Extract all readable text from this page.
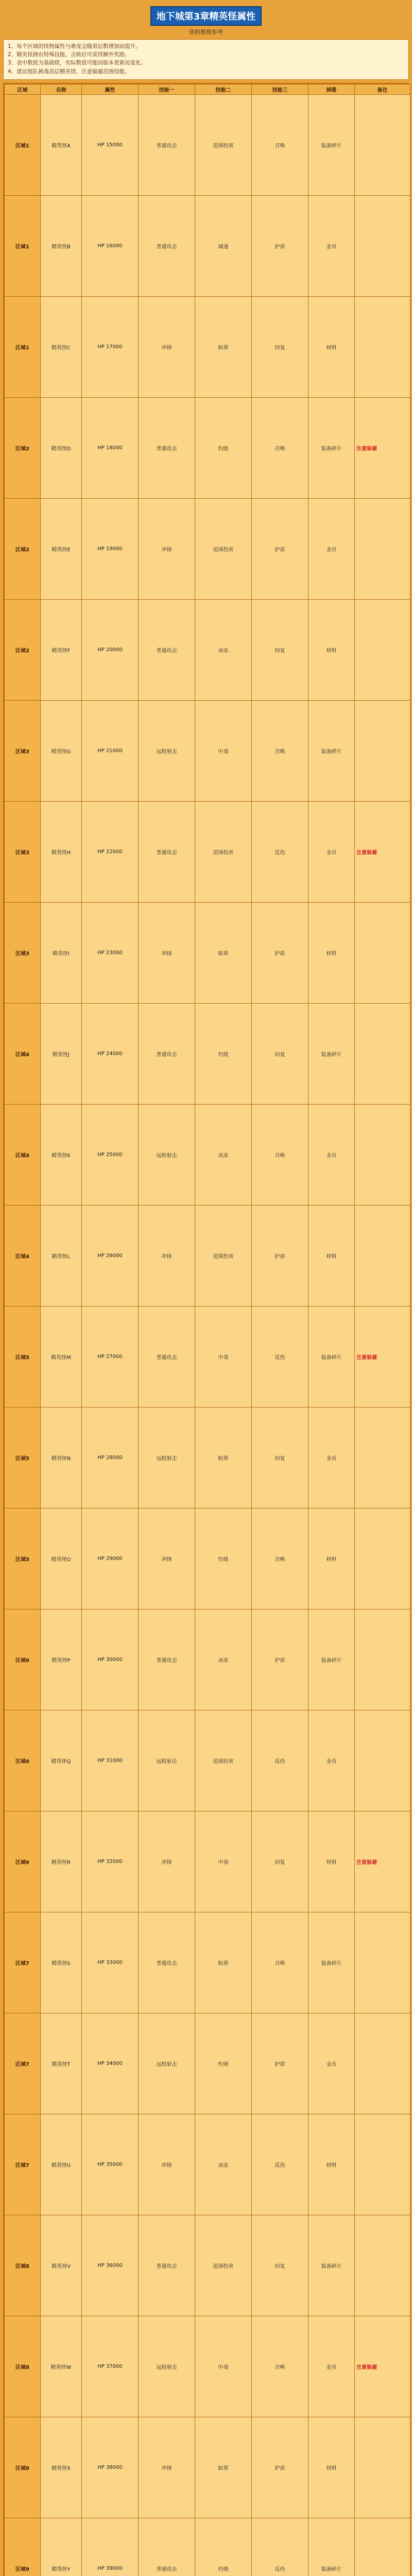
地下城第3章精英怪属性
资料整理参考

1、每个区域的怪物属性与难度会随着层数增加而提升。

2、精英怪拥有特殊技能，击败后可获得额外奖励。

3、表中数值为基础值，实际数值可能因版本更新而变化。

4、建议组队挑战高层精英怪，注意躲避范围技能。

区域	名称	属性	技能一	技能二	技能三	掉落	备注
区域1	精英怪A	HP 15000	普通攻击	范围伤害	召唤	装备碎片	
区域1	精英怪B	HP 16000	普通攻击	减速	护盾	金币	
区域1	精英怪C	HP 17000	冲锋	眩晕	回复	材料	
区域2	精英怪D	HP 18000	普通攻击	灼烧	召唤	装备碎片	注意躲避
区域2	精英怪E	HP 19000	冲锋	范围伤害	护盾	金币	
区域2	精英怪F	HP 20000	普通攻击	冰冻	回复	材料	
区域3	精英怪G	HP 21000	远程射击	中毒	召唤	装备碎片	
区域3	精英怪H	HP 22000	普通攻击	范围伤害	反伤	金币	注意躲避
区域3	精英怪I	HP 23000	冲锋	眩晕	护盾	材料	
区域4	精英怪J	HP 24000	普通攻击	灼烧	回复	装备碎片	
区域4	精英怪K	HP 25000	远程射击	冰冻	召唤	金币	
区域4	精英怪L	HP 26000	冲锋	范围伤害	护盾	材料	
区域5	精英怪M	HP 27000	普通攻击	中毒	反伤	装备碎片	注意躲避
区域5	精英怪N	HP 28000	远程射击	眩晕	回复	金币	
区域5	精英怪O	HP 29000	冲锋	灼烧	召唤	材料	
区域6	精英怪P	HP 30000	普通攻击	冰冻	护盾	装备碎片	
区域6	精英怪Q	HP 31000	远程射击	范围伤害	反伤	金币	
区域6	精英怪R	HP 32000	冲锋	中毒	回复	材料	注意躲避
区域7	精英怪S	HP 33000	普通攻击	眩晕	召唤	装备碎片	
区域7	精英怪T	HP 34000	远程射击	灼烧	护盾	金币	
区域7	精英怪U	HP 35000	冲锋	冰冻	反伤	材料	
区域8	精英怪V	HP 36000	普通攻击	范围伤害	回复	装备碎片	
区域8	精英怪W	HP 37000	远程射击	中毒	召唤	金币	注意躲避
区域8	精英怪X	HP 38000	冲锋	眩晕	护盾	材料	
区域9	精英怪Y	HP 39000	普通攻击	灼烧	反伤	装备碎片	
